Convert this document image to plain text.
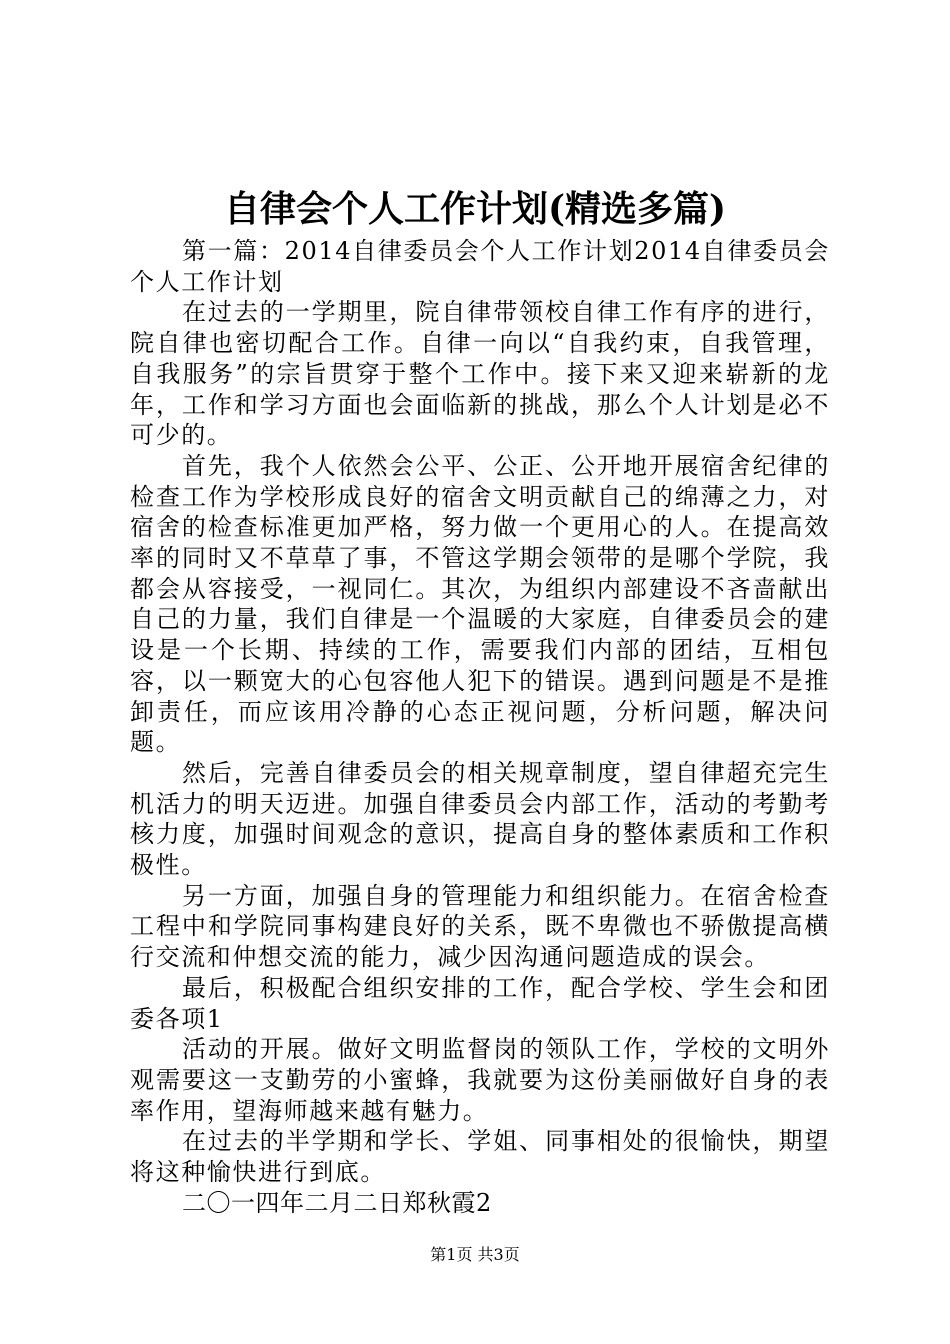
自律会个人工作计划(精选多篇)

第一篇：2014自律委员会个人工作计划2014自律委员会个人工作计划

在过去的一学期里，院自律带领校自律工作有序的进行，院自律也密切配合工作。自律一向以“自我约束，自我管理，自我服务”的宗旨贯穿于整个工作中。接下来又迎来崭新的龙年，工作和学习方面也会面临新的挑战，那么个人计划是必不可少的。

首先，我个人依然会公平、公正、公开地开展宿舍纪律的检查工作为学校形成良好的宿舍文明贡献自己的绵薄之力，对宿舍的检查标准更加严格，努力做一个更用心的人。在提高效率的同时又不草草了事，不管这学期会领带的是哪个学院，我都会从容接受，一视同仁。其次，为组织内部建设不吝啬献出自己的力量，我们自律是一个温暖的大家庭，自律委员会的建设是一个长期、持续的工作，需要我们内部的团结，互相包容，以一颗宽大的心包容他人犯下的错误。遇到问题是不是推卸责任，而应该用冷静的心态正视问题，分析问题，解决问题。

然后，完善自律委员会的相关规章制度，望自律超充完生机活力的明天迈进。加强自律委员会内部工作，活动的考勤考核力度，加强时间观念的意识，提高自身的整体素质和工作积极性。

另一方面，加强自身的管理能力和组织能力。在宿舍检查工程中和学院同事构建良好的关系，既不卑微也不骄傲提高横行交流和仲想交流的能力，减少因沟通问题造成的误会。

最后，积极配合组织安排的工作，配合学校、学生会和团委各项1

活动的开展。做好文明监督岗的领队工作，学校的文明外观需要这一支勤劳的小蜜蜂，我就要为这份美丽做好自身的表率作用，望海师越来越有魅力。

在过去的半学期和学长、学姐、同事相处的很愉快，期望将这种愉快进行到底。

二〇一四年二月二日郑秋霞2

第1页 共3页
